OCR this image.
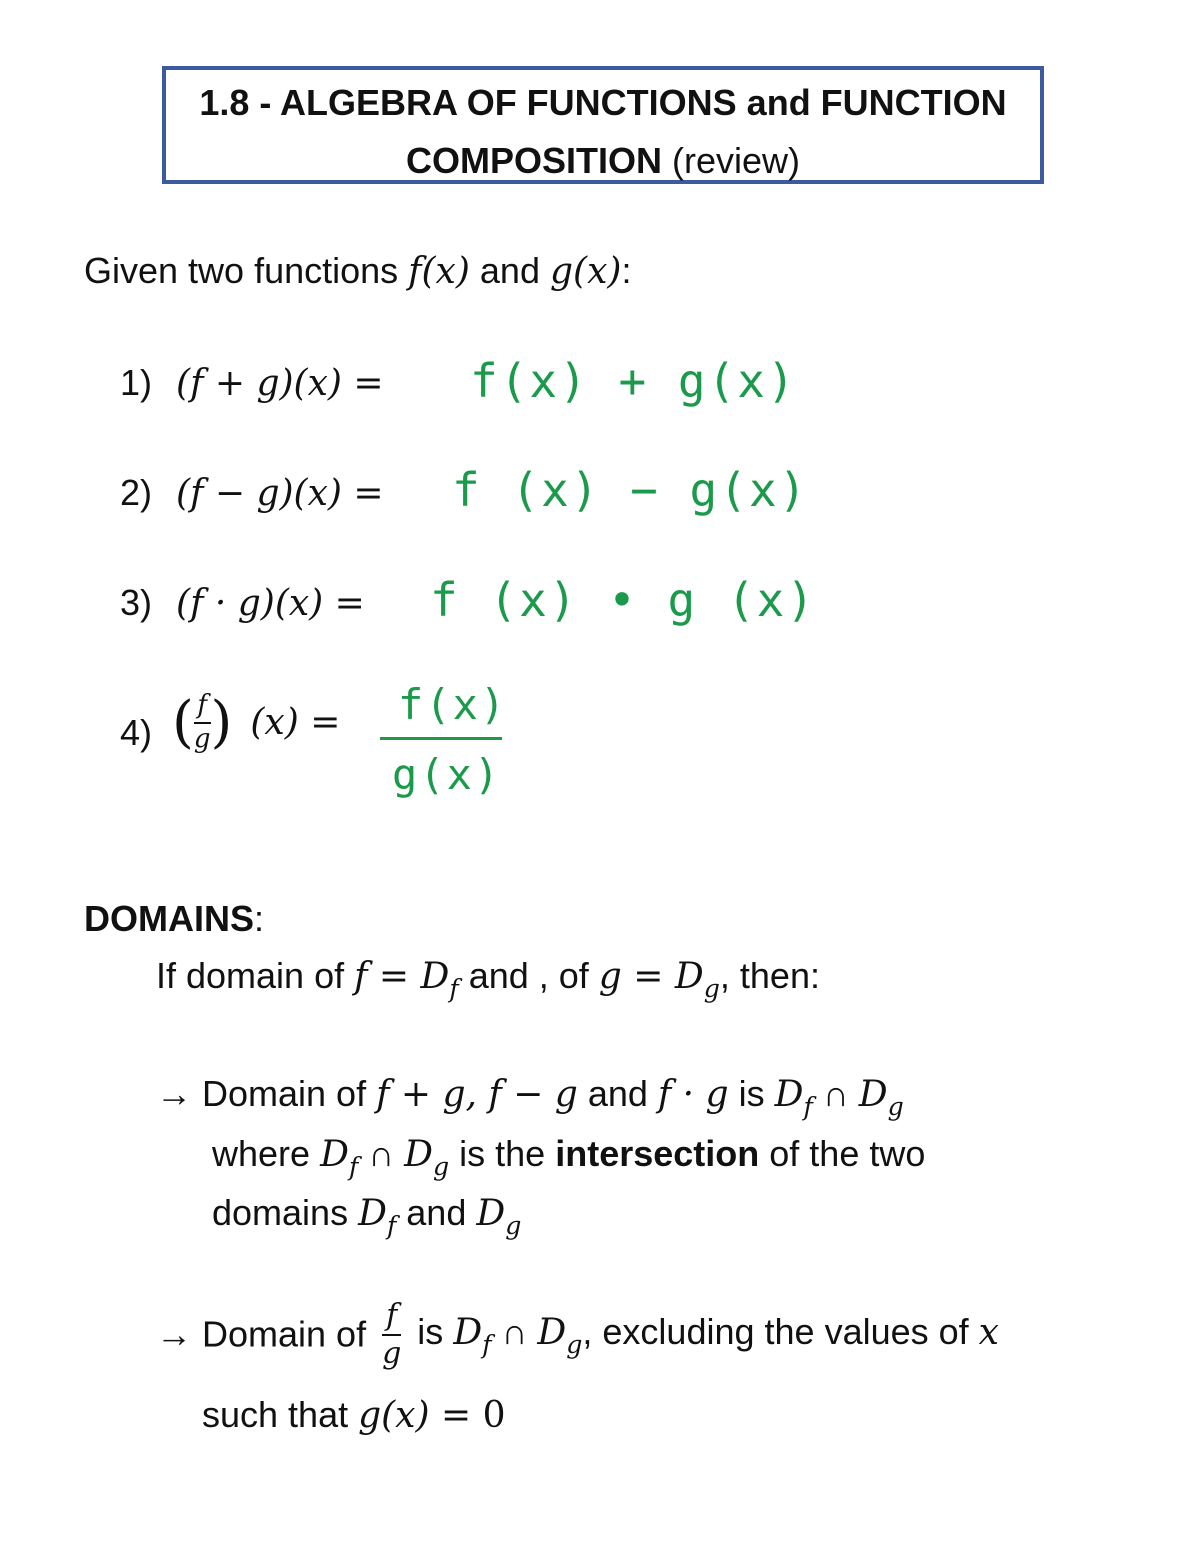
1.8 - ALGEBRA OF FUNCTIONS and FUNCTION
COMPOSITION (review)
Given two functions f(x) and g(x):
1) (f + g)(x) = f(x) + g(x)
2) (f − g)(x) = f (x) − g(x)
3) (f · g)(x) = f (x) • g (x)
4) ( $\frac{f}{g}$ ) (x) = f(x)
g(x)
DOMAINS:
If domain of $f = D_f$ and , of $g = D_g$, then:
→ Domain of f + g, f − g and f · g is $D_f$ ∩ $D_g$
where $D_f$ ∩ $D_g$ is the intersection of the two
domains $D_f$ and $D_g$
→ Domain of $\frac{f}{g}$ is $D_f$ ∩ $D_g$, excluding the values of x
such that g(x) = 0
